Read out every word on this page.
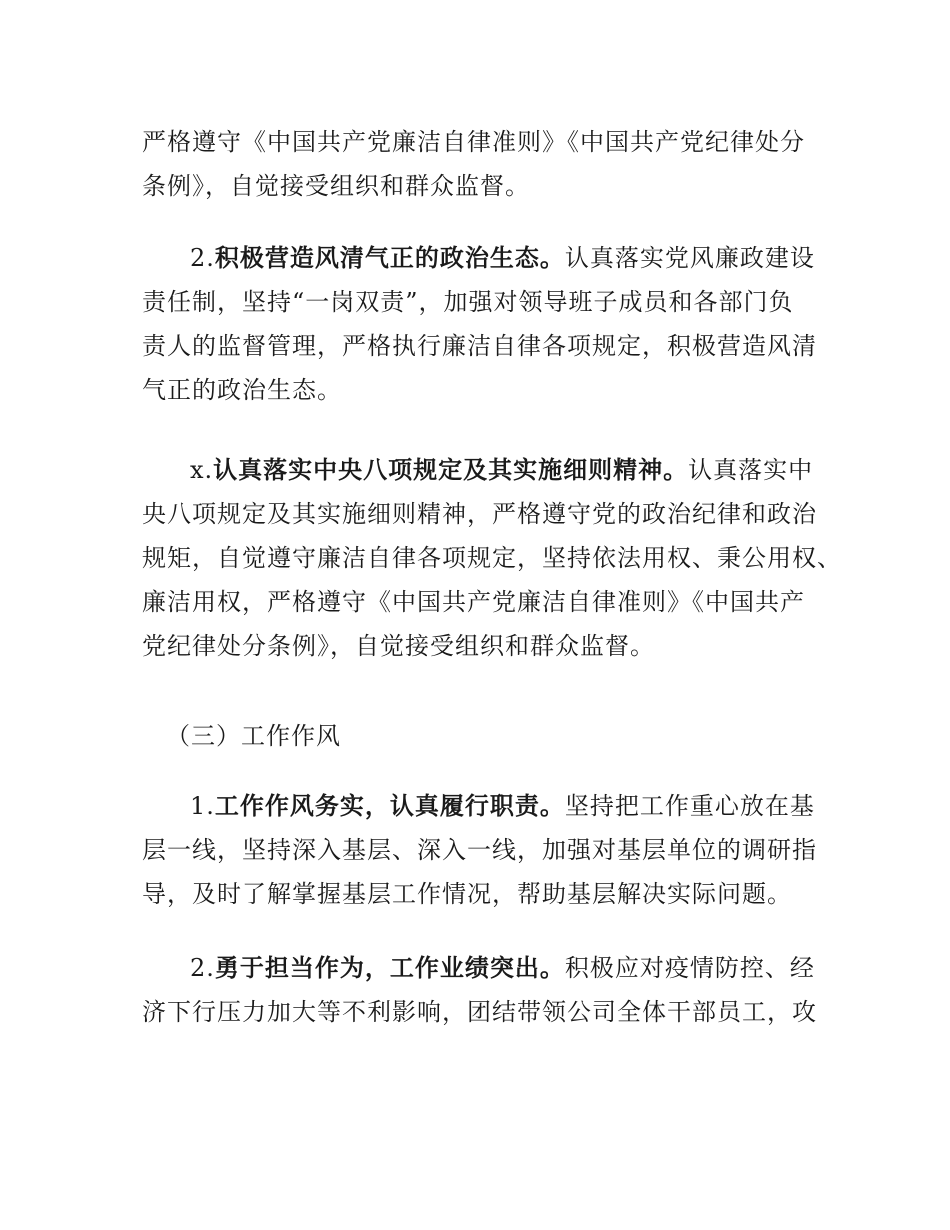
严格遵守《中国共产党廉洁自律准则》《中国共产党纪律处分
条例》，自觉接受组织和群众监督。
2.积极营造风清气正的政治生态。认真落实党风廉政建设
责任制，坚持“一岗双责”，加强对领导班子成员和各部门负
责人的监督管理，严格执行廉洁自律各项规定，积极营造风清
气正的政治生态。
x.认真落实中央八项规定及其实施细则精神。认真落实中
央八项规定及其实施细则精神，严格遵守党的政治纪律和政治
规矩，自觉遵守廉洁自律各项规定，坚持依法用权、秉公用权、
廉洁用权，严格遵守《中国共产党廉洁自律准则》《中国共产
党纪律处分条例》，自觉接受组织和群众监督。
（三）工作作风
1.工作作风务实，认真履行职责。坚持把工作重心放在基
层一线，坚持深入基层、深入一线，加强对基层单位的调研指
导，及时了解掌握基层工作情况，帮助基层解决实际问题。
2.勇于担当作为，工作业绩突出。积极应对疫情防控、经
济下行压力加大等不利影响，团结带领公司全体干部员工，攻
